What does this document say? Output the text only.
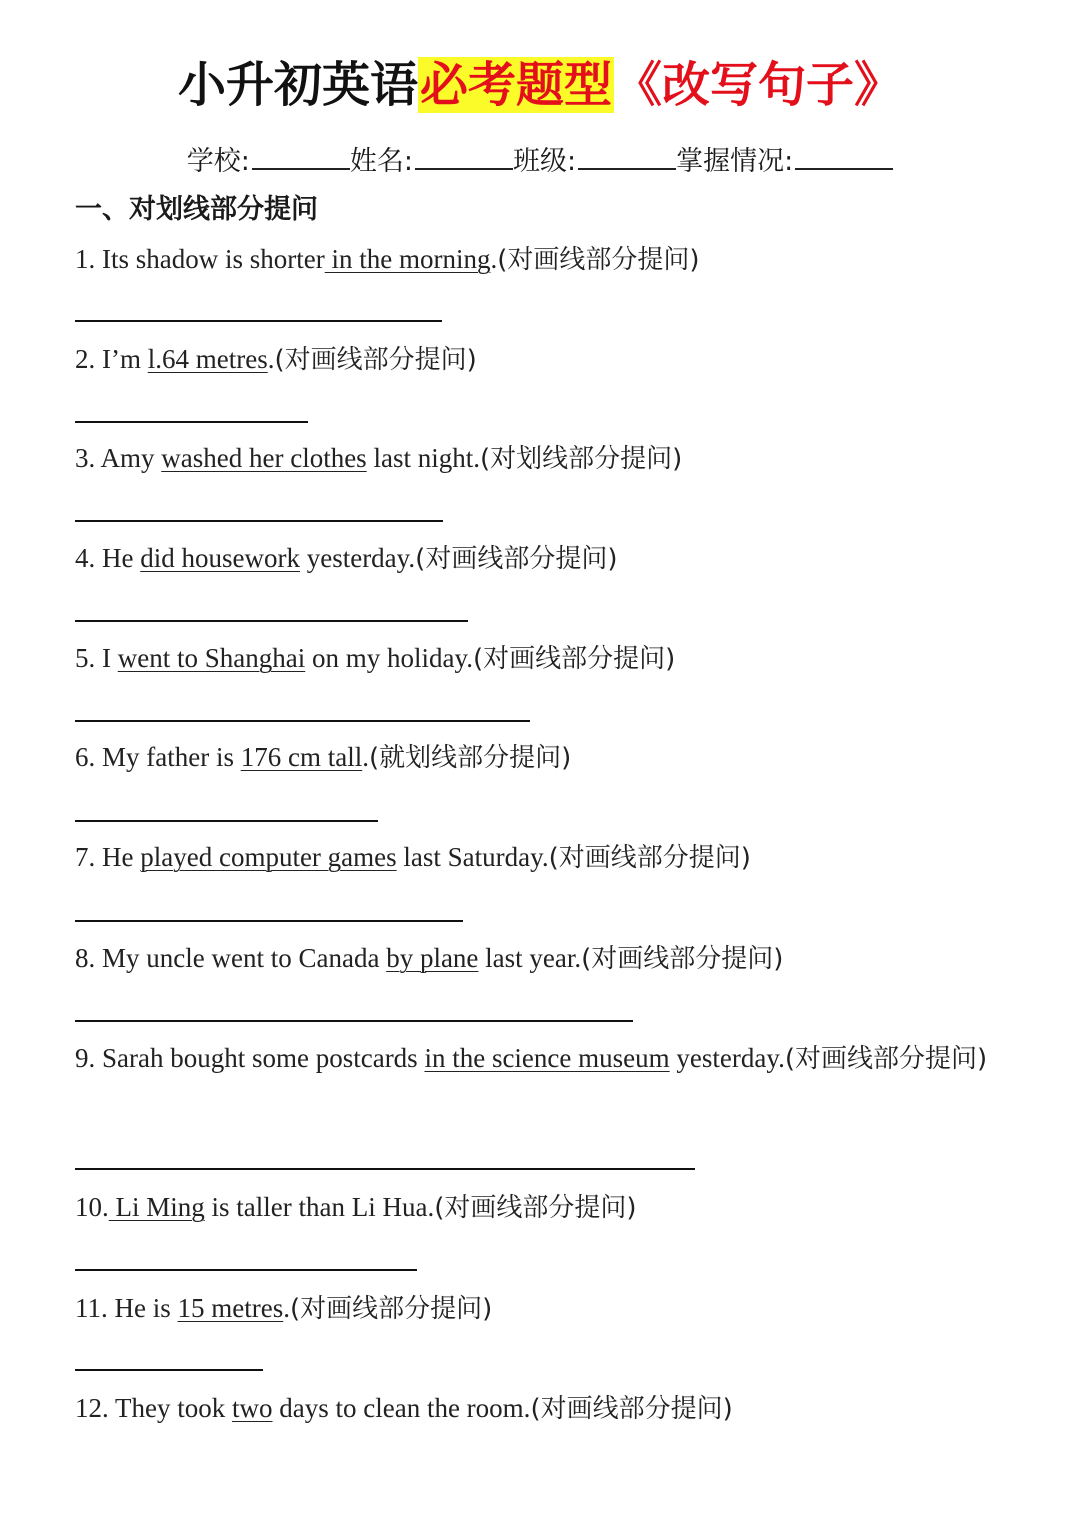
小升初英语必考题型《改写句子》
学校:	姓名:	班级:	掌握情况:
一、对划线部分提问
1. Its shadow is shorter in the morning.(对画线部分提问)
2. I’m l.64 metres.(对画线部分提问)
3. Amy washed her clothes last night.(对划线部分提问)
4. He did housework yesterday.(对画线部分提问)
5. I went to Shanghai on my holiday.(对画线部分提问)
6. My father is 176 cm tall.(就划线部分提问)
7. He played computer games last Saturday.(对画线部分提问)
8. My uncle went to Canada by plane last year.(对画线部分提问)
9. Sarah bought some postcards in the science museum yesterday.(对画线部分提问)
10. Li Ming is taller than Li Hua.(对画线部分提问)
11. He is 15 metres.(对画线部分提问)
12. They took two days to clean the room.(对画线部分提问)
